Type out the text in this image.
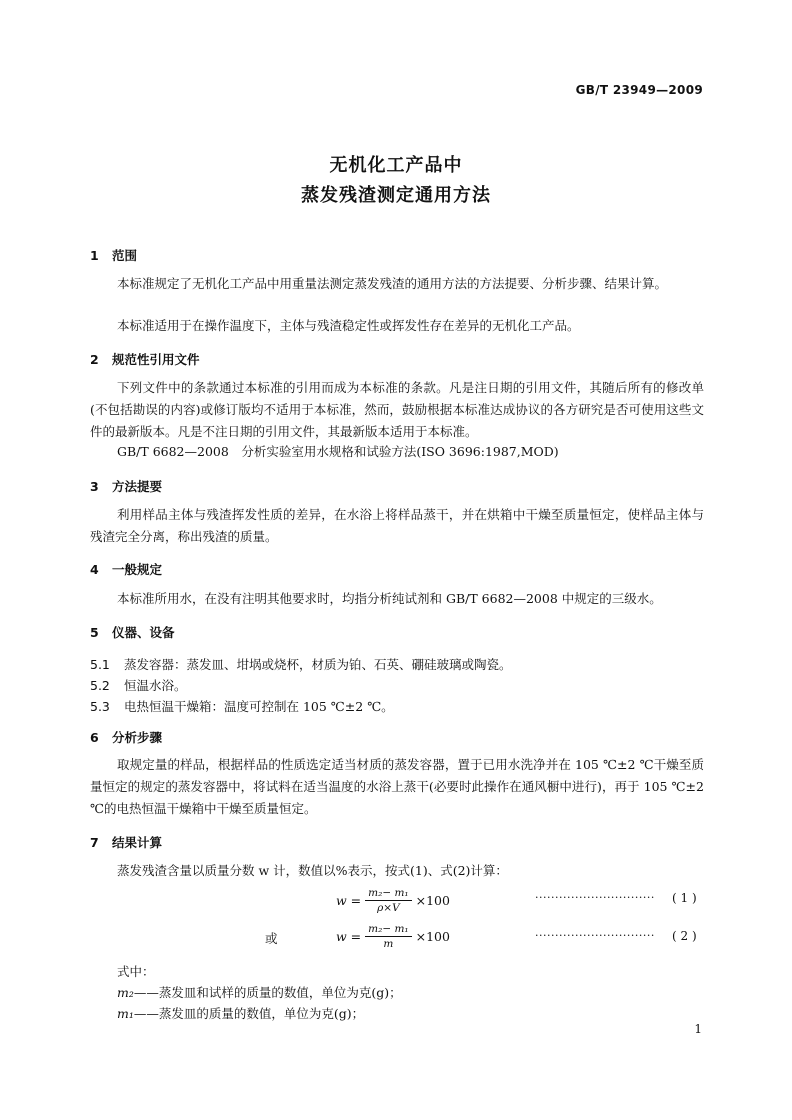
GB/T 23949—2009
无机化工产品中
蒸发残渣测定通用方法
1 范围
本标准规定了无机化工产品中用重量法测定蒸发残渣的通用方法的方法提要、分析步骤、结果计算。
本标准适用于在操作温度下，主体与残渣稳定性或挥发性存在差异的无机化工产品。
2 规范性引用文件
下列文件中的条款通过本标准的引用而成为本标准的条款。凡是注日期的引用文件，其随后所有的修改单(不包括勘误的内容)或修订版均不适用于本标准，然而，鼓励根据本标准达成协议的各方研究是否可使用这些文件的最新版本。凡是不注日期的引用文件，其最新版本适用于本标准。
GB/T 6682—2008　分析实验室用水规格和试验方法(ISO 3696:1987,MOD)
3 方法提要
利用样品主体与残渣挥发性质的差异，在水浴上将样品蒸干，并在烘箱中干燥至质量恒定，使样品主体与残渣完全分离，称出残渣的质量。
4 一般规定
本标准所用水，在没有注明其他要求时，均指分析纯试剂和 GB/T 6682—2008 中规定的三级水。
5 仪器、设备
5.1 蒸发容器：蒸发皿、坩埚或烧杯，材质为铂、石英、硼硅玻璃或陶瓷。
5.2 恒温水浴。
5.3 电热恒温干燥箱：温度可控制在 105 ℃±2 ℃。
6 分析步骤
取规定量的样品，根据样品的性质选定适当材质的蒸发容器，置于已用水洗净并在 105 ℃±2 ℃干燥至质量恒定的规定的蒸发容器中，将试料在适当温度的水浴上蒸干(必要时此操作在通风橱中进行)，再于 105 ℃±2 ℃的电热恒温干燥箱中干燥至质量恒定。
7 结果计算
蒸发残渣含量以质量分数 w 计，数值以%表示，按式(1)、式(2)计算：
$w = \frac{\text{m₂− m₁}}{\rho\times V} \times 100$	······························ ( 1 )
或	$w = \frac{\text{m₂− m₁}}{m} \times 100$	······························ ( 2 )
式中：
m₂——蒸发皿和试样的质量的数值，单位为克(g)；
m₁——蒸发皿的质量的数值，单位为克(g)；
1
